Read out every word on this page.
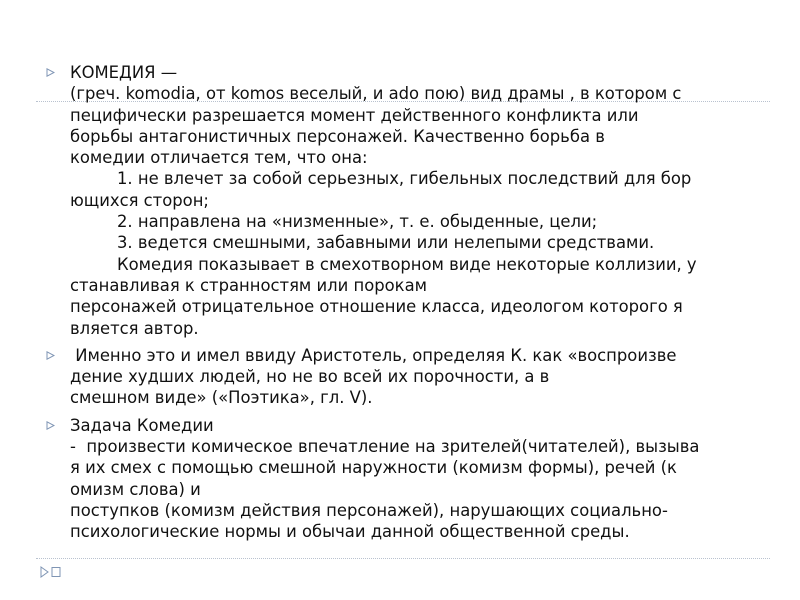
КОМЕДИЯ —
(греч. komodia, от komos веселый, и ado пою) вид драмы , в котором с
пецифически разрешается момент действенного конфликта или
борьбы антагонистичных персонажей. Качественно борьба в
комедии отличается тем, что она:
1. не влечет за собой серьезных, гибельных последствий для бор
ющихся сторон;
2. направлена на «низменные», т. е. обыденные, цели;
3. ведется смешными, забавными или нелепыми средствами.
Комедия показывает в смехотворном виде некоторые коллизии, у
станавливая к странностям или порокам
персонажей отрицательное отношение класса, идеологом которого я
вляется автор.
Именно это и имел ввиду Аристотель, определяя К. как «воспроизве
дение худших людей, но не во всей их порочности, а в
смешном виде» («Поэтика», гл. V).
Задача Комедии
-  произвести комическое впечатление на зрителей(читателей), вызыва
я их смех с помощью смешной наружности (комизм формы), речей (к
омизм слова) и
поступков (комизм действия персонажей), нарушающих социально-
психологические нормы и обычаи данной общественной среды.
